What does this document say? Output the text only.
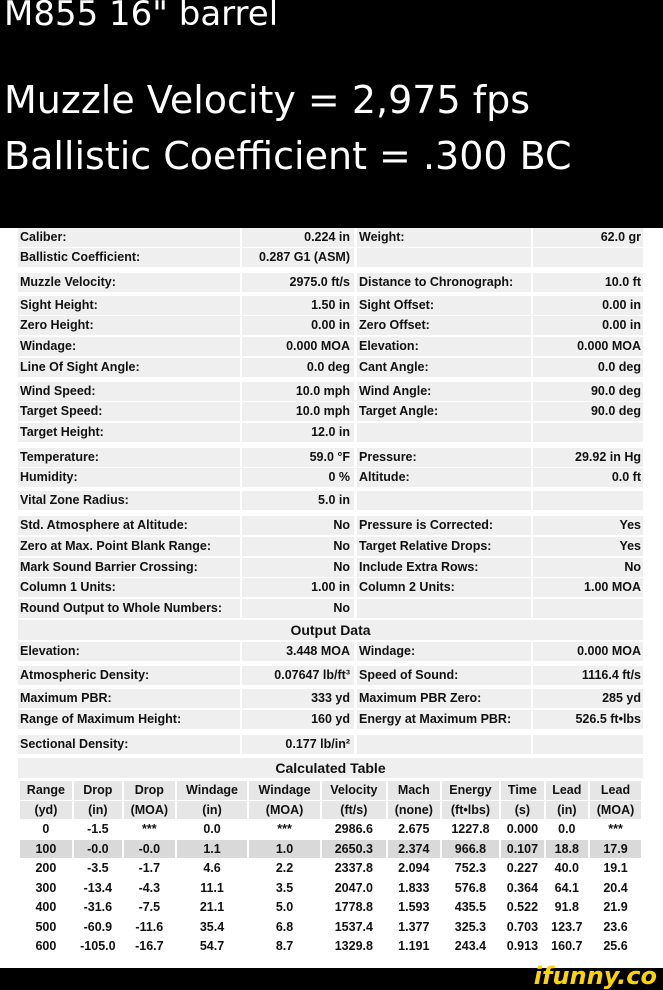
M855 16" barrel
Muzzle Velocity = 2,975 fps
Ballistic Coefficient = .300 BC
Caliber:	0.224 in Weight:	62.0 gr
Ballistic Coefficient:	0.287 G1 (ASM)
Muzzle Velocity:	2975.0 ft/s Distance to Chronograph:	10.0 ft
Sight Height:	1.50 in Sight Offset:	0.00 in
Zero Height:	0.00 in Zero Offset:	0.00 in
Windage:	0.000 MOA Elevation:	0.000 MOA
Line Of Sight Angle:	0.0 deg Cant Angle:	0.0 deg
Wind Speed:	10.0 mph Wind Angle:	90.0 deg
Target Speed:	10.0 mph Target Angle:	90.0 deg
Target Height:	12.0 in
Temperature:	59.0 °F Pressure:	29.92 in Hg
Humidity:	0 % Altitude:	0.0 ft
Vital Zone Radius:	5.0 in
Std. Atmosphere at Altitude:	No Pressure is Corrected:	Yes
Zero at Max. Point Blank Range:	No Target Relative Drops:	Yes
Mark Sound Barrier Crossing:	No Include Extra Rows:	No
Column 1 Units:	1.00 in Column 2 Units:	1.00 MOA
Round Output to Whole Numbers:	No
Output Data
Elevation:	3.448 MOA Windage:	0.000 MOA
Atmospheric Density:	0.07647 lb/ft³ Speed of Sound:	1116.4 ft/s
Maximum PBR:	333 yd Maximum PBR Zero:	285 yd
Range of Maximum Height:	160 yd Energy at Maximum PBR:	526.5 ft•lbs
Sectional Density:	0.177 lb/in²
Calculated Table
Range	Drop	Drop	Windage	Windage	Velocity	Mach	Energy	Time	Lead	Lead
(yd)	(in)	(MOA)	(in)	(MOA)	(ft/s)	(none)	(ft•lbs)	(s)	(in)	(MOA)
0	-1.5	***	0.0	***	2986.6	2.675	1227.8	0.000	0.0	***
100	-0.0	-0.0	1.1	1.0	2650.3	2.374	966.8	0.107	18.8	17.9
200	-3.5	-1.7	4.6	2.2	2337.8	2.094	752.3	0.227	40.0	19.1
300	-13.4	-4.3	11.1	3.5	2047.0	1.833	576.8	0.364	64.1	20.4
400	-31.6	-7.5	21.1	5.0	1778.8	1.593	435.5	0.522	91.8	21.9
500	-60.9	-11.6	35.4	6.8	1537.4	1.377	325.3	0.703	123.7	23.6
600	-105.0	-16.7	54.7	8.7	1329.8	1.191	243.4	0.913	160.7	25.6
ifunny.co
